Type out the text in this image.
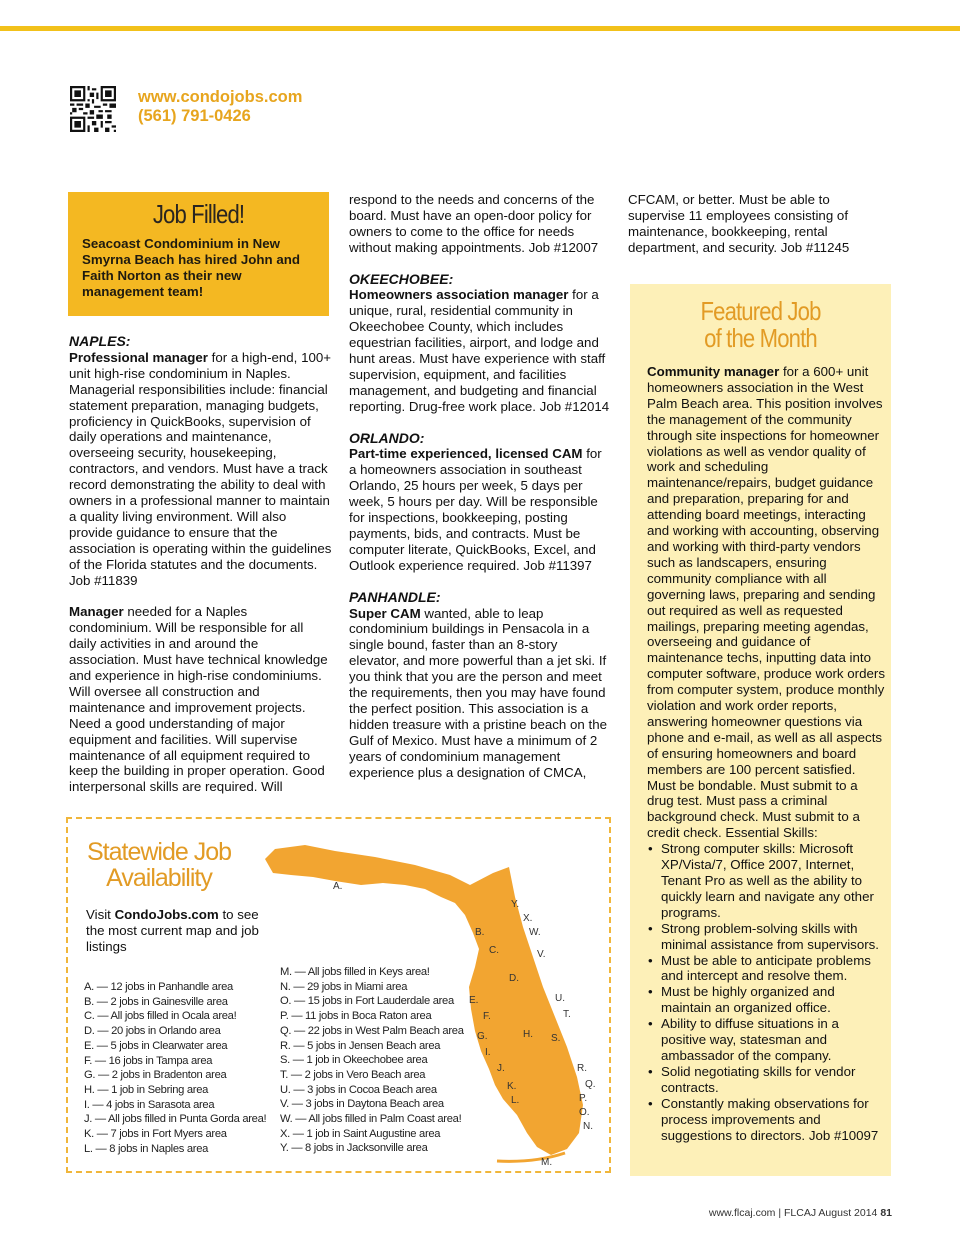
www.condojobs.com
(561) 791-0426
Job Filled!

Seacoast Condominium in New Smyrna Beach has hired John and Faith Norton as their new management team!

NAPLES:

Professional manager for a high-end, 100+ unit high-rise condominium in Naples. Managerial responsibilities include: financial statement preparation, managing budgets, proficiency in QuickBooks, supervision of daily operations and maintenance, overseeing security, housekeeping, contractors, and vendors. Must have a track record demonstrating the ability to deal with owners in a professional manner to maintain a quality living environment. Will also provide guidance to ensure that the association is operating within the guidelines of the Florida statutes and the documents. Job #11839

Manager needed for a Naples condominium. Will be responsible for all daily activities in and around the association. Must have technical knowledge and experience in high-rise condominiums. Will oversee all construction and maintenance and improvement projects. Need a good understanding of major equipment and facilities. Will supervise maintenance of all equipment required to keep the building in proper operation. Good interpersonal skills are required. Will

respond to the needs and concerns of the board. Must have an open-door policy for owners to come to the office for needs without making appointments. Job #12007

OKEECHOBEE:

Homeowners association manager for a unique, rural, residential community in Okeechobee County, which includes equestrian facilities, airport, and lodge and hunt areas. Must have experience with staff supervision, equipment, and facilities management, and budgeting and financial reporting. Drug-free work place. Job #12014

ORLANDO:

Part-time experienced, licensed CAM for a homeowners association in southeast Orlando, 25 hours per week, 5 days per week, 5 hours per day. Will be responsible for inspections, bookkeeping, posting payments, bids, and contracts. Must be computer literate, QuickBooks, Excel, and Outlook experience required. Job #11397

PANHANDLE:

Super CAM wanted, able to leap condominium buildings in Pensacola in a single bound, faster than an 8-story elevator, and more powerful than a jet ski. If you think that you are the person and meet the requirements, then you may have found the perfect position. This association is a hidden treasure with a pristine beach on the Gulf of Mexico. Must have a minimum of 2 years of condominium management experience plus a designation of CMCA,

CFCAM, or better. Must be able to supervise 11 employees consisting of maintenance, bookkeeping, rental department, and security. Job #11245

Featured Job
of the Month
Community manager for a 600+ unit homeowners association in the West Palm Beach area. This position involves the management of the community through site inspections for homeowner violations as well as vendor quality of work and scheduling maintenance/repairs, budget guidance and preparation, preparing for and attending board meetings, interacting and working with accounting, observing and working with third-party vendors such as landscapers, ensuring community compliance with all governing laws, preparing and sending out required as well as requested mailings, preparing meeting agendas, overseeing and guidance of maintenance techs, inputting data into computer software, produce work orders from computer system, produce monthly violation and work order reports, answering homeowner questions via phone and e-mail, as well as all aspects of ensuring homeowners and board members are 100 percent satisfied. Must be bondable. Must submit to a drug test. Must pass a criminal background check. Must submit to a credit check. Essential Skills:
• Strong computer skills: Microsoft XP/Vista/7, Office 2007, Internet, Tenant Pro as well as the ability to quickly learn and navigate any other programs.
• Strong problem-solving skills with minimal assistance from supervisors.
• Must be able to anticipate problems and intercept and resolve them.
• Must be highly organized and maintain an organized office.
• Ability to diffuse situations in a positive way, statesman and ambassador of the company.
• Solid negotiating skills for vendor contracts.
• Constantly making observations for process improvements and suggestions to directors. Job #10097
Statewide Job
Availability
Visit CondoJobs.com to see the most current map and job listings
A.
B.
C.
D.
E.
F.
G.	H.
I.
J.
K.
L.
M.
N.
O.
P.
Q.
R.
S.
T.
U.
V.
W.
X.
Y.
A. — 12 jobs in Panhandle area
B. — 2 jobs in Gainesville area
C. — All jobs filled in Ocala area!
D. — 20 jobs in Orlando area
E. — 5 jobs in Clearwater area
F. — 16 jobs in Tampa area
G. — 2 jobs in Bradenton area
H. — 1 job in Sebring area
I. — 4 jobs in Sarasota area
J. — All jobs filled in Punta Gorda area!
K. — 7 jobs in Fort Myers area
L. — 8 jobs in Naples area
M. — All jobs filled in Keys area!
N. — 29 jobs in Miami area
O. — 15 jobs in Fort Lauderdale area
P. — 11 jobs in Boca Raton area
Q. — 22 jobs in West Palm Beach area
R. — 5 jobs in Jensen Beach area
S. — 1 job in Okeechobee area
T. — 2 jobs in Vero Beach area
U. — 3 jobs in Cocoa Beach area
V. — 3 jobs in Daytona Beach area
W. — All jobs filled in Palm Coast area!
X. — 1 job in Saint Augustine area
Y. — 8 jobs in Jacksonville area
www.flcaj.com | FLCAJ August 2014 81
